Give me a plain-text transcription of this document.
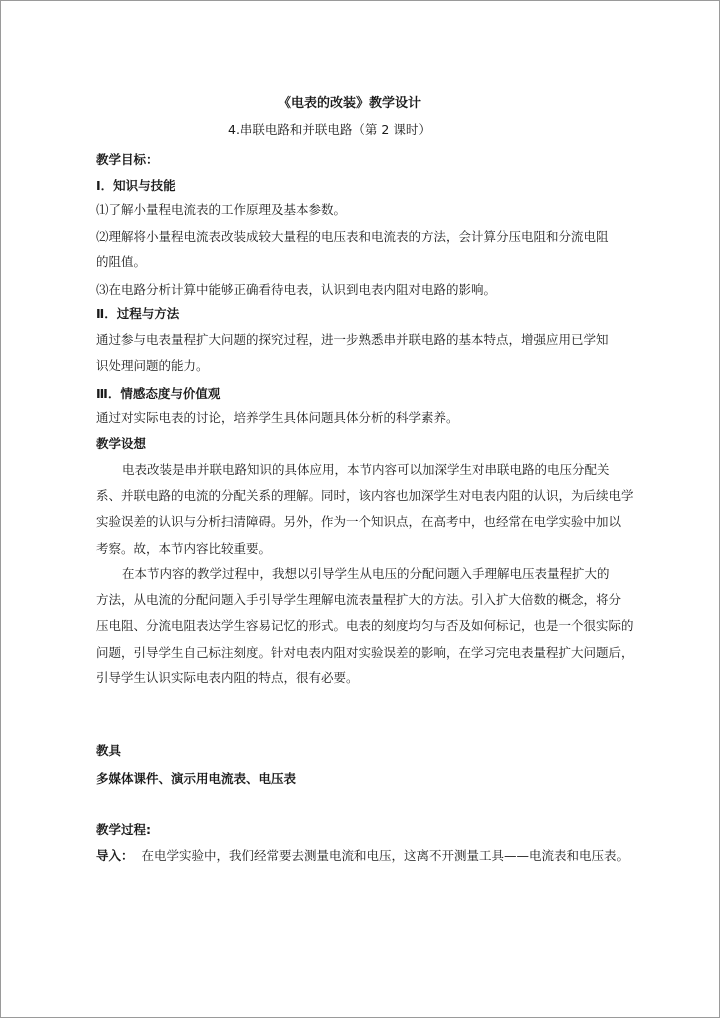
《电表的改装》教学设计
4.串联电路和并联电路（第 2 课时）
教学目标：
Ⅰ．知识与技能
⑴了解小量程电流表的工作原理及基本参数。
⑵理解将小量程电流表改装成较大量程的电压表和电流表的方法，会计算分压电阻和分流电阻
的阻值。
⑶在电路分析计算中能够正确看待电表，认识到电表内阻对电路的影响。
Ⅱ．过程与方法
通过参与电表量程扩大问题的探究过程，进一步熟悉串并联电路的基本特点，增强应用已学知
识处理问题的能力。
Ⅲ．情感态度与价值观
通过对实际电表的讨论，培养学生具体问题具体分析的科学素养。
教学设想
电表改装是串并联电路知识的具体应用，本节内容可以加深学生对串联电路的电压分配关
系、并联电路的电流的分配关系的理解。同时，该内容也加深学生对电表内阻的认识，为后续电学
实验误差的认识与分析扫清障碍。另外，作为一个知识点，在高考中，也经常在电学实验中加以
考察。故，本节内容比较重要。
在本节内容的教学过程中，我想以引导学生从电压的分配问题入手理解电压表量程扩大的
方法，从电流的分配问题入手引导学生理解电流表量程扩大的方法。引入扩大倍数的概念，将分
压电阻、分流电阻表达学生容易记忆的形式。电表的刻度均匀与否及如何标记，也是一个很实际的
问题，引导学生自己标注刻度。针对电表内阻对实验误差的影响，在学习完电表量程扩大问题后，
引导学生认识实际电表内阻的特点，很有必要。
教具
多媒体课件、演示用电流表、电压表
教学过程:
导入： 在电学实验中，我们经常要去测量电流和电压，这离不开测量工具——电流表和电压表。
